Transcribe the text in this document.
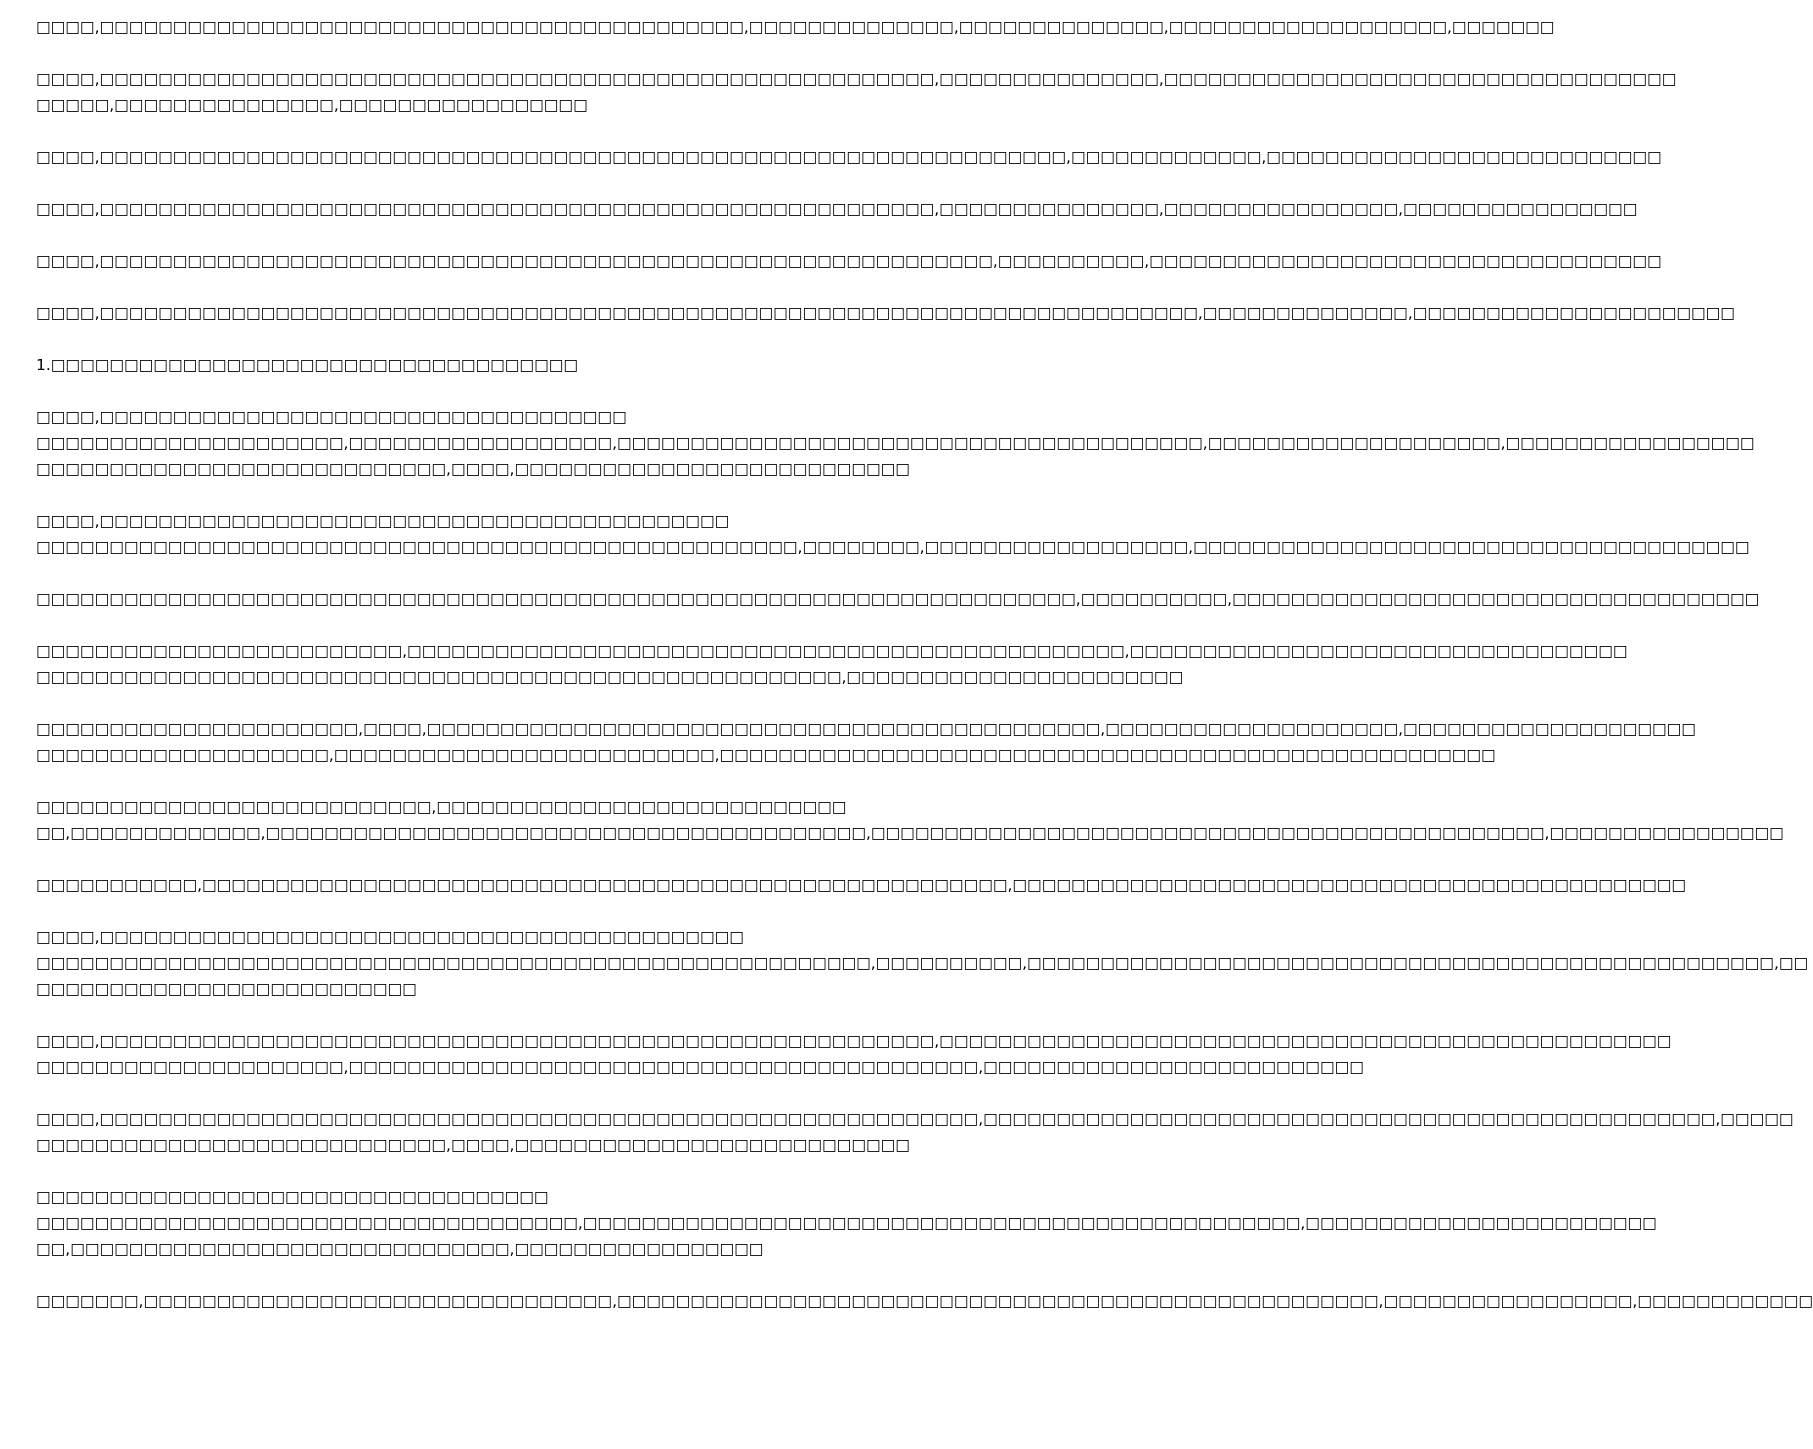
□□□□,□□□□□□□□□□□□□□□□□□□□□□□□□□□□□□□□□□□□□□□□□□□□,□□□□□□□□□□□□□□,□□□□□□□□□□□□□□,□□□□□□□□□□□□□□□□□□□,□□□□□□□
□□□□,□□□□□□□□□□□□□□□□□□□□□□□□□□□□□□□□□□□□□□□□□□□□□□□□□□□□□□□□□,□□□□□□□□□□□□□□□,□□□□□□□□□□□□□□□□□□□□□□□□□□□□□□□□□□□
□□□□□,□□□□□□□□□□□□□□□,□□□□□□□□□□□□□□□□□
□□□□,□□□□□□□□□□□□□□□□□□□□□□□□□□□□□□□□□□□□□□□□□□□□□□□□□□□□□□□□□□□□□□□□□□,□□□□□□□□□□□□□,□□□□□□□□□□□□□□□□□□□□□□□□□□□
□□□□,□□□□□□□□□□□□□□□□□□□□□□□□□□□□□□□□□□□□□□□□□□□□□□□□□□□□□□□□□,□□□□□□□□□□□□□□□,□□□□□□□□□□□□□□□□,□□□□□□□□□□□□□□□□
□□□□,□□□□□□□□□□□□□□□□□□□□□□□□□□□□□□□□□□□□□□□□□□□□□□□□□□□□□□□□□□□□□,□□□□□□□□□□,□□□□□□□□□□□□□□□□□□□□□□□□□□□□□□□□□□□
□□□□,□□□□□□□□□□□□□□□□□□□□□□□□□□□□□□□□□□□□□□□□□□□□□□□□□□□□□□□□□□□□□□□□□□□□□□□□□□□,□□□□□□□□□□□□□□,□□□□□□□□□□□□□□□□□□□□□□
1.□□□□□□□□□□□□□□□□□□□□□□□□□□□□□□□□□□□□
□□□□,□□□□□□□□□□□□□□□□□□□□□□□□□□□□□□□□□□□□
□□□□□□□□□□□□□□□□□□□□□,□□□□□□□□□□□□□□□□□□,□□□□□□□□□□□□□□□□□□□□□□□□□□□□□□□□□□□□□□□□,□□□□□□□□□□□□□□□□□□□□,□□□□□□□□□□□□□□□□□
□□□□□□□□□□□□□□□□□□□□□□□□□□□□,□□□□,□□□□□□□□□□□□□□□□□□□□□□□□□□□
□□□□,□□□□□□□□□□□□□□□□□□□□□□□□□□□□□□□□□□□□□□□□□□□
□□□□□□□□□□□□□□□□□□□□□□□□□□□□□□□□□□□□□□□□□□□□□□□□□□□□,□□□□□□□□,□□□□□□□□□□□□□□□□□□,□□□□□□□□□□□□□□□□□□□□□□□□□□□□□□□□□□□□□□
□□□□□□□□□□□□□□□□□□□□□□□□□□□□□□□□□□□□□□□□□□□□□□□□□□□□□□□□□□□□□□□□□□□□□□□,□□□□□□□□□□,□□□□□□□□□□□□□□□□□□□□□□□□□□□□□□□□□□□□
□□□□□□□□□□□□□□□□□□□□□□□□□,□□□□□□□□□□□□□□□□□□□□□□□□□□□□□□□□□□□□□□□□□□□□□□□□□,□□□□□□□□□□□□□□□□□□□□□□□□□□□□□□□□□□
□□□□□□□□□□□□□□□□□□□□□□□□□□□□□□□□□□□□□□□□□□□□□□□□□□□□□□□,□□□□□□□□□□□□□□□□□□□□□□□
□□□□□□□□□□□□□□□□□□□□□□,□□□□,□□□□□□□□□□□□□□□□□□□□□□□□□□□□□□□□□□□□□□□□□□□□□□,□□□□□□□□□□□□□□□□□□□□,□□□□□□□□□□□□□□□□□□□□
□□□□□□□□□□□□□□□□□□□□,□□□□□□□□□□□□□□□□□□□□□□□□□□,□□□□□□□□□□□□□□□□□□□□□□□□□□□□□□□□□□□□□□□□□□□□□□□□□□□□□
□□□□□□□□□□□□□□□□□□□□□□□□□□□,□□□□□□□□□□□□□□□□□□□□□□□□□□□□
□□,□□□□□□□□□□□□□,□□□□□□□□□□□□□□□□□□□□□□□□□□□□□□□□□□□□□□□□□,□□□□□□□□□□□□□□□□□□□□□□□□□□□□□□□□□□□□□□□□□□□□□□,□□□□□□□□□□□□□□□□
□□□□□□□□□□□,□□□□□□□□□□□□□□□□□□□□□□□□□□□□□□□□□□□□□□□□□□□□□□□□□□□□□□□,□□□□□□□□□□□□□□□□□□□□□□□□□□□□□□□□□□□□□□□□□□□□□□
□□□□,□□□□□□□□□□□□□□□□□□□□□□□□□□□□□□□□□□□□□□□□□□□□
□□□□□□□□□□□□□□□□□□□□□□□□□□□□□□□□□□□□□□□□□□□□□□□□□□□□□□□□□,□□□□□□□□□□,□□□□□□□□□□□□□□□□□□□□□□□□□□□□□□□□□□□□□□□□□□□□□□□□□□□,□□
□□□□□□□□□□□□□□□□□□□□□□□□□□
□□□□,□□□□□□□□□□□□□□□□□□□□□□□□□□□□□□□□□□□□□□□□□□□□□□□□□□□□□□□□□,□□□□□□□□□□□□□□□□□□□□□□□□□□□□□□□□□□□□□□□□□□□□□□□□□□
□□□□□□□□□□□□□□□□□□□□□,□□□□□□□□□□□□□□□□□□□□□□□□□□□□□□□□□□□□□□□□□□□,□□□□□□□□□□□□□□□□□□□□□□□□□□
□□□□,□□□□□□□□□□□□□□□□□□□□□□□□□□□□□□□□□□□□□□□□□□□□□□□□□□□□□□□□□□□□,□□□□□□□□□□□□□□□□□□□□□□□□□□□□□□□□□□□□□□□□□□□□□□□□□□,□□□□□
□□□□□□□□□□□□□□□□□□□□□□□□□□□□,□□□□,□□□□□□□□□□□□□□□□□□□□□□□□□□□
□□□□□□□□□□□□□□□□□□□□□□□□□□□□□□□□□□□
□□□□□□□□□□□□□□□□□□□□□□□□□□□□□□□□□□□□□,□□□□□□□□□□□□□□□□□□□□□□□□□□□□□□□□□□□□□□□□□□□□□□□□□,□□□□□□□□□□□□□□□□□□□□□□□□
□□,□□□□□□□□□□□□□□□□□□□□□□□□□□□□□□,□□□□□□□□□□□□□□□□□
□□□□□□□,□□□□□□□□□□□□□□□□□□□□□□□□□□□□□□□□,□□□□□□□□□□□□□□□□□□□□□□□□□□□□□□□□□□□□□□□□□□□□□□□□□□□□,□□□□□□□□□□□□□□□□□,□□□□□□□□□□□□
